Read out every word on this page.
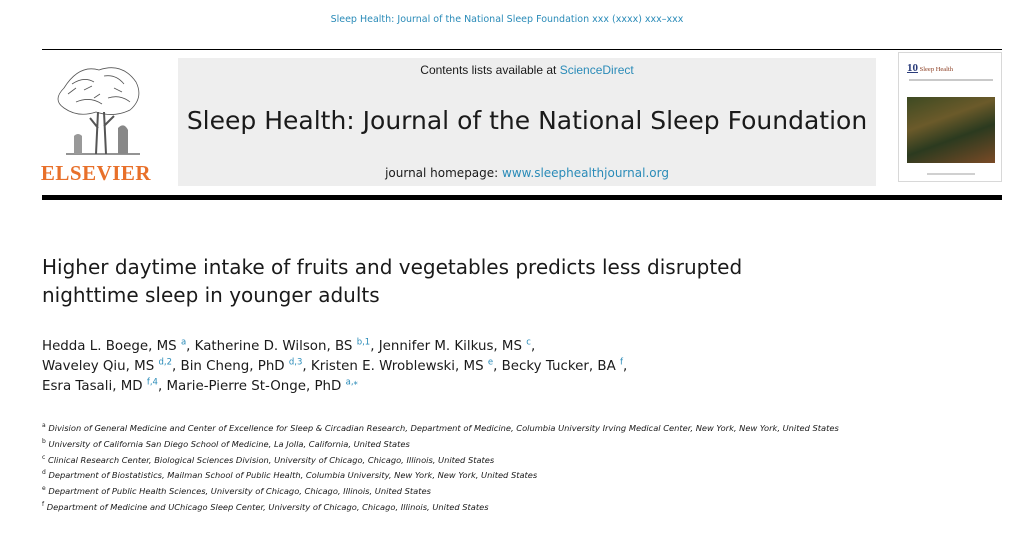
Sleep Health: Journal of the National Sleep Foundation xxx (xxxx) xxx–xxx
ELSEVIER
Contents lists available at ScienceDirect
Sleep Health: Journal of the National Sleep Foundation
journal homepage: www.sleephealthjournal.org
10 Sleep Health
Higher daytime intake of fruits and vegetables predicts less disrupted
nighttime sleep in younger adults
Hedda L. Boege, MS $^a$, Katherine D. Wilson, BS $^{b,1}$, Jennifer M. Kilkus, MS $^c$,
Waveley Qiu, MS $^{d,2}$, Bin Cheng, PhD $^{d,3}$, Kristen E. Wroblewski, MS $^e$, Becky Tucker, BA $^f$,
Esra Tasali, MD $^{f,4}$, Marie-Pierre St-Onge, PhD $^{a,⁎}$
$^a$ Division of General Medicine and Center of Excellence for Sleep & Circadian Research, Department of Medicine, Columbia University Irving Medical Center, New York, New York, United States
$^b$ University of California San Diego School of Medicine, La Jolla, California, United States
$^c$ Clinical Research Center, Biological Sciences Division, University of Chicago, Chicago, Illinois, United States
$^d$ Department of Biostatistics, Mailman School of Public Health, Columbia University, New York, New York, United States
$^e$ Department of Public Health Sciences, University of Chicago, Chicago, Illinois, United States
$^f$ Department of Medicine and UChicago Sleep Center, University of Chicago, Chicago, Illinois, United States
